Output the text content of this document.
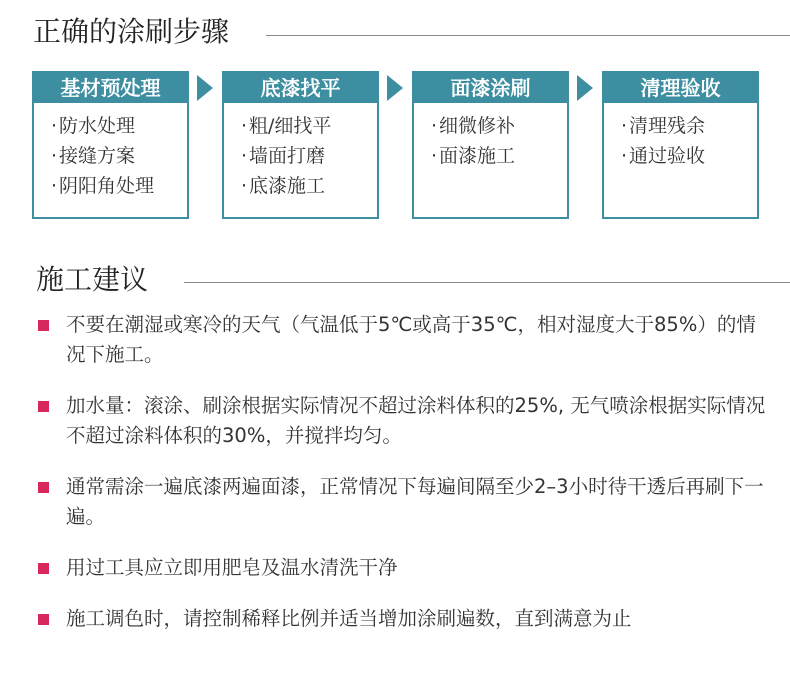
正确的涂刷步骤
基材预处理
· 防水处理
· 接缝方案
· 阴阳角处理
底漆找平
· 粗/细找平
· 墙面打磨
· 底漆施工
面漆涂刷
· 细微修补
· 面漆施工
清理验收
· 清理残余
· 通过验收
施工建议
不要在潮湿或寒冷的天气（气温低于5℃或高于35℃，相对湿度大于85%）的情况下施工。
加水量：滚涂、刷涂根据实际情况不超过涂料体积的25%, 无气喷涂根据实际情况不超过涂料体积的30%，并搅拌均匀。
通常需涂一遍底漆两遍面漆，正常情况下每遍间隔至少2–3小时待干透后再刷下一遍。
用过工具应立即用肥皂及温水清洗干净
施工调色时，请控制稀释比例并适当增加涂刷遍数，直到满意为止
